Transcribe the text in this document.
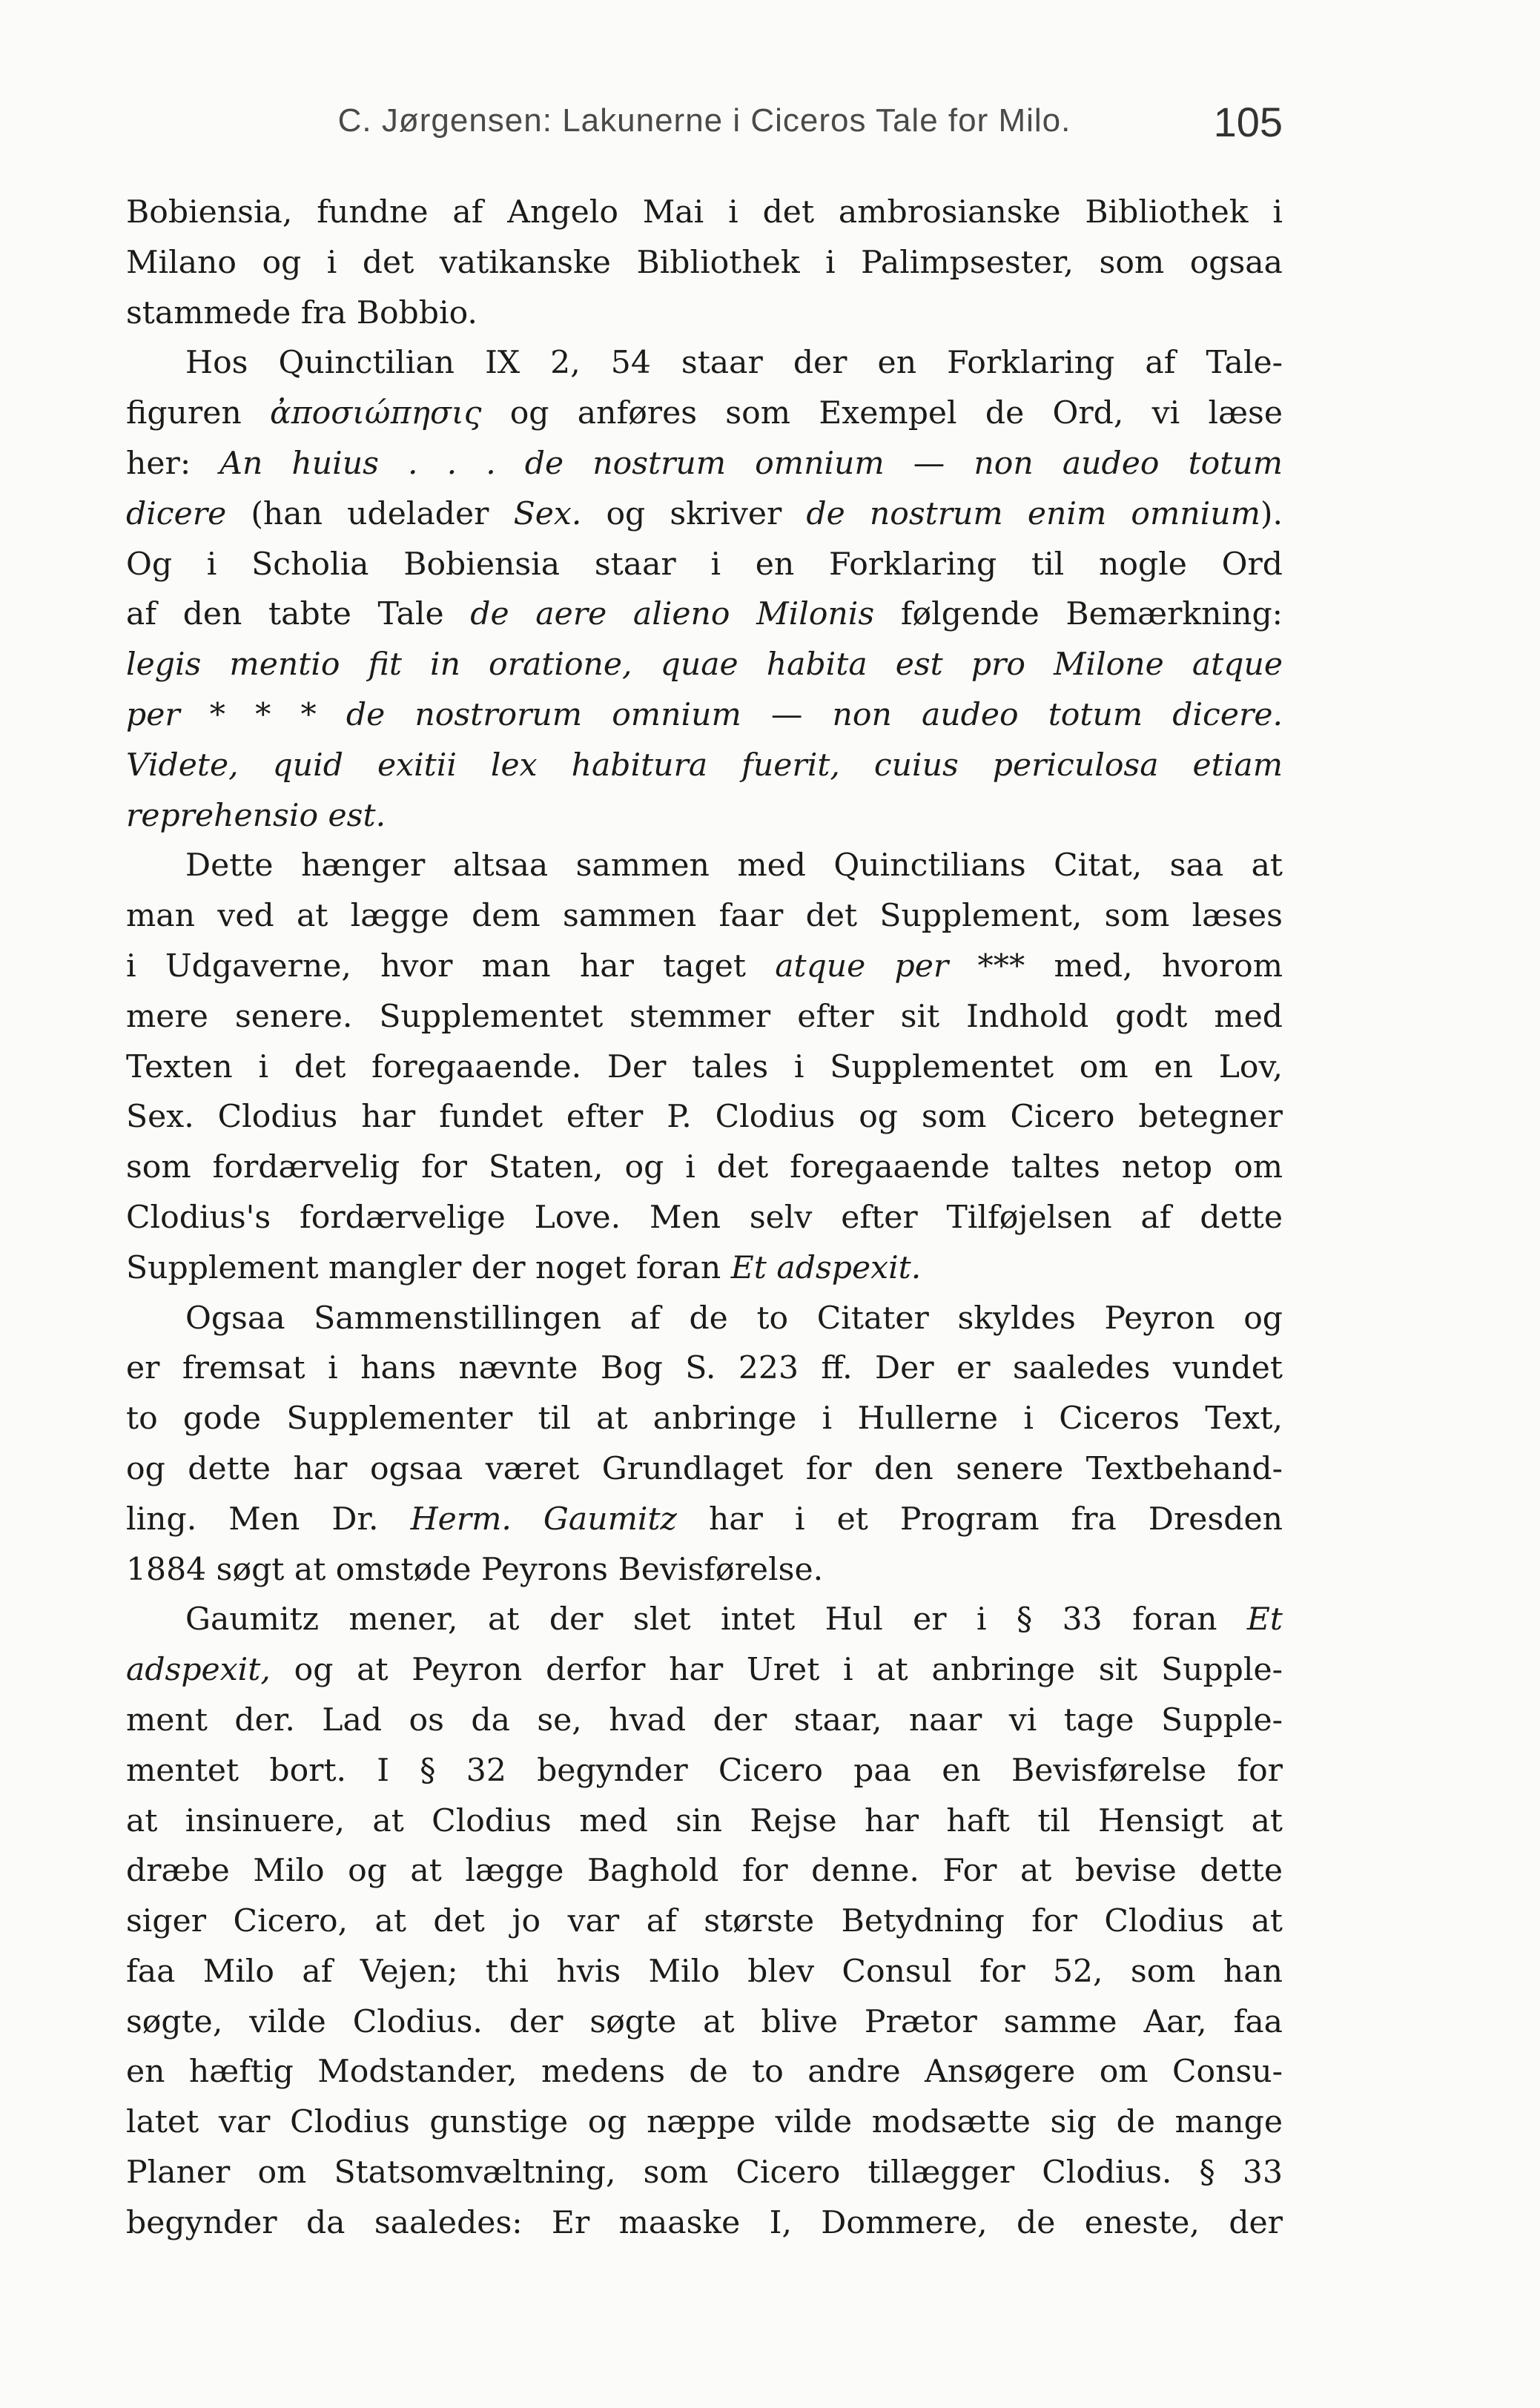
C. Jørgensen: Lakunerne i Ciceros Tale for Milo.	105
Bobiensia, fundne af Angelo Mai i det ambrosianske Bibliothek i
Milano og i det vatikanske Bibliothek i Palimpsester, som ogsaa
stammede fra Bobbio.
Hos Quinctilian IX 2, 54 staar der en Forklaring af Tale-
figuren ἀποσιώπησις og anføres som Exempel de Ord, vi læse
her: An huius . . . de nostrum omnium — non audeo totum
dicere (han udelader Sex. og skriver de nostrum enim omnium).
Og i Scholia Bobiensia staar i en Forklaring til nogle Ord
af den tabte Tale de aere alieno Milonis følgende Bemærkning:
legis mentio fit in oratione, quae habita est pro Milone atque
per * * * de nostrorum omnium — non audeo totum dicere.
Videte, quid exitii lex habitura fuerit, cuius periculosa etiam
reprehensio est.
Dette hænger altsaa sammen med Quinctilians Citat, saa at
man ved at lægge dem sammen faar det Supplement, som læses
i Udgaverne, hvor man har taget atque per *** med, hvorom
mere senere. Supplementet stemmer efter sit Indhold godt med
Texten i det foregaaende. Der tales i Supplementet om en Lov,
Sex. Clodius har fundet efter P. Clodius og som Cicero betegner
som fordærvelig for Staten, og i det foregaaende taltes netop om
Clodius's fordærvelige Love. Men selv efter Tilføjelsen af dette
Supplement mangler der noget foran Et adspexit.
Ogsaa Sammenstillingen af de to Citater skyldes Peyron og
er fremsat i hans nævnte Bog S. 223 ff. Der er saaledes vundet
to gode Supplementer til at anbringe i Hullerne i Ciceros Text,
og dette har ogsaa været Grundlaget for den senere Textbehand-
ling. Men Dr. Herm. Gaumitz har i et Program fra Dresden
1884 søgt at omstøde Peyrons Bevisførelse.
Gaumitz mener, at der slet intet Hul er i § 33 foran Et
adspexit, og at Peyron derfor har Uret i at anbringe sit Supple-
ment der. Lad os da se, hvad der staar, naar vi tage Supple-
mentet bort. I § 32 begynder Cicero paa en Bevisførelse for
at insinuere, at Clodius med sin Rejse har haft til Hensigt at
dræbe Milo og at lægge Baghold for denne. For at bevise dette
siger Cicero, at det jo var af største Betydning for Clodius at
faa Milo af Vejen; thi hvis Milo blev Consul for 52, som han
søgte, vilde Clodius. der søgte at blive Prætor samme Aar, faa
en hæftig Modstander, medens de to andre Ansøgere om Consu-
latet var Clodius gunstige og næppe vilde modsætte sig de mange
Planer om Statsomvæltning, som Cicero tillægger Clodius. § 33
begynder da saaledes: Er maaske I, Dommere, de eneste, der
